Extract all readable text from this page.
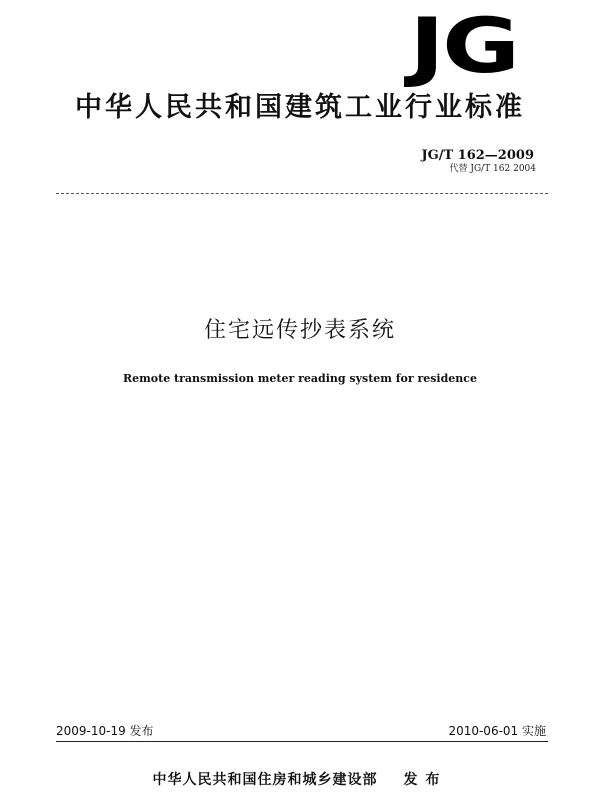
JG
中华人民共和国建筑工业行业标准
JG/T 162—2009
代替 JG/T 162 2004
住宅远传抄表系统
Remote transmission meter reading system for residence
2009-10-19 发布	2010-06-01 实施
中华人民共和国住房和城乡建设部 发布
